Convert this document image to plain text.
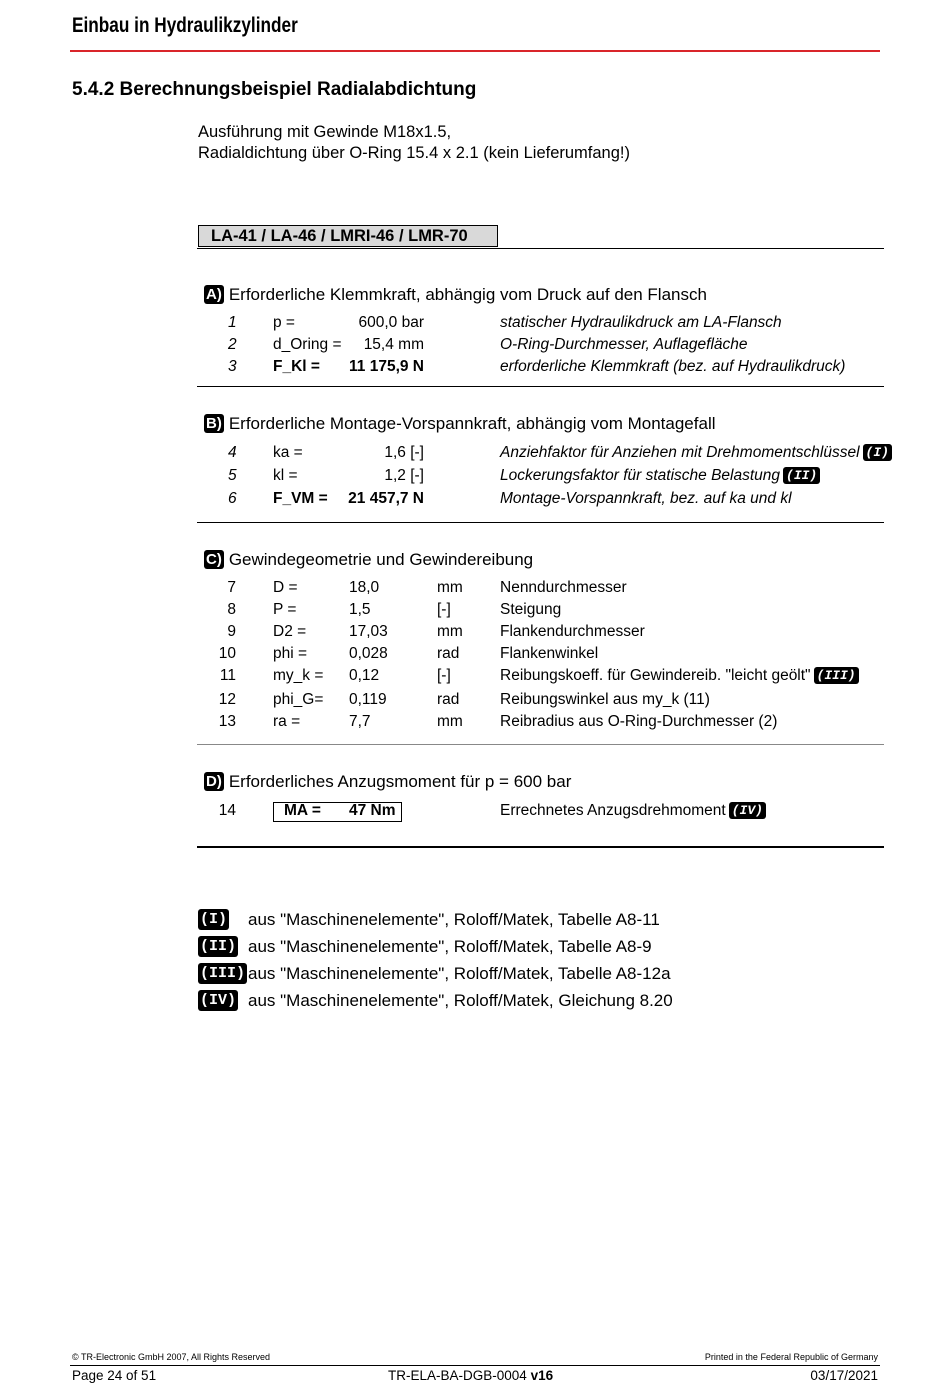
Einbau in Hydraulikzylinder
5.4.2 Berechnungsbeispiel Radialabdichtung
Ausführung mit Gewinde M18x1.5,
Radialdichtung über O-Ring 15.4 x 2.1 (kein Lieferumfang!)
LA-41 / LA-46 / LMRI-46 / LMR-70
A) Erforderliche Klemmkraft, abhängig vom Druck auf den Flansch
1 p =	600,0 bar	statischer Hydraulikdruck am LA-Flansch
2 d_Oring =	15,4 mm	O-Ring-Durchmesser, Auflagefläche
3 F_Kl =	11 175,9 N	erforderliche Klemmkraft (bez. auf Hydraulikdruck)
B) Erforderliche Montage-Vorspannkraft, abhängig vom Montagefall
4 ka =	1,6 [-]	Anziehfaktor für Anziehen mit Drehmomentschlüssel (I)
5 kl =	1,2 [-]	Lockerungsfaktor für statische Belastung (II)
6 F_VM =	21 457,7 N	Montage-Vorspannkraft, bez. auf ka und kl
C) Gewindegeometrie und Gewindereibung
7 D =	18,0	mm Nenndurchmesser
8 P =	1,5	[-]	Steigung
9 D2 =	17,03	mm Flankendurchmesser
10 phi =	0,028	rad	Flankenwinkel
11 my_k = 0,12	[-]	Reibungskoeff. für Gewindereib. "leicht geölt" (III)
12 phi_G= 0,119	rad	Reibungswinkel aus my_k (11)
13 ra =	7,7	mm Reibradius aus O-Ring-Durchmesser (2)
D) Erforderliches Anzugsmoment für p = 600 bar
14	MA = 47 Nm	Errechnetes Anzugsdrehmoment (IV)
(I) aus "Maschinenelemente", Roloff/Matek, Tabelle A8-11
(II) aus "Maschinenelemente", Roloff/Matek, Tabelle A8-9
(III) aus "Maschinenelemente", Roloff/Matek, Tabelle A8-12a
(IV) aus "Maschinenelemente", Roloff/Matek, Gleichung 8.20
© TR-Electronic GmbH 2007, All Rights Reserved	Printed in the Federal Republic of Germany
Page 24 of 51	TR-ELA-BA-DGB-0004 v16	03/17/2021
